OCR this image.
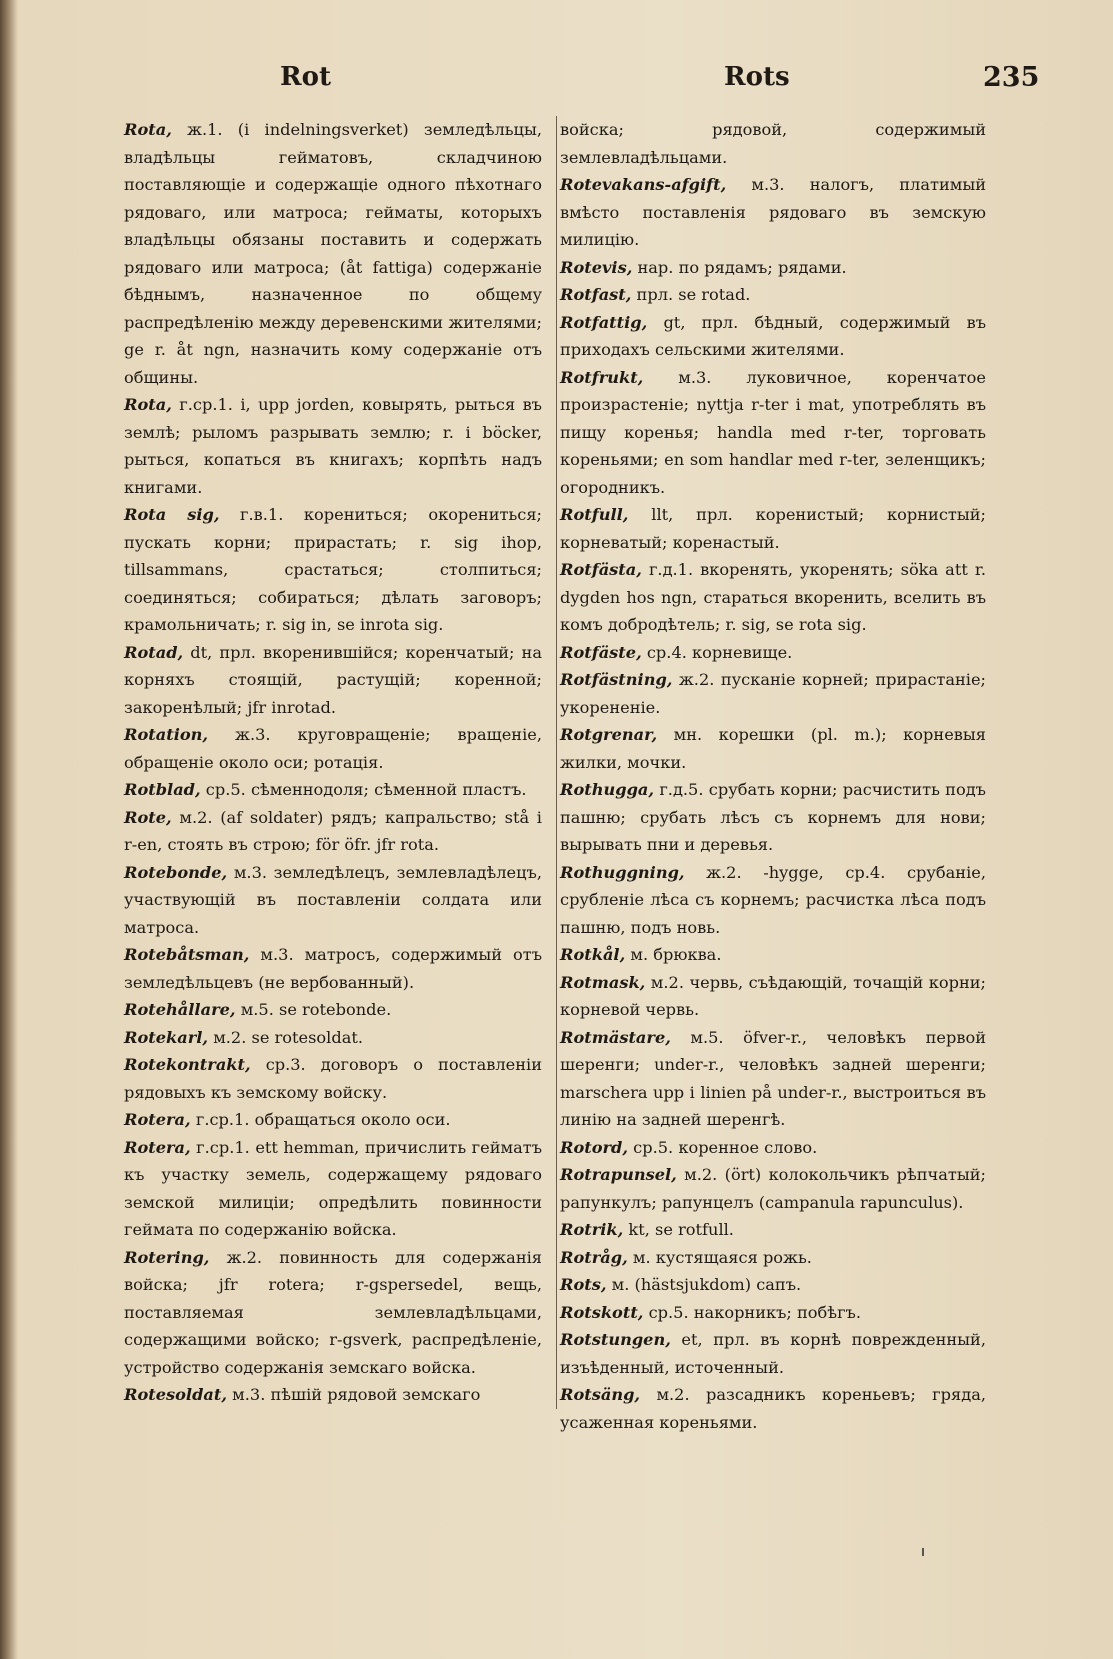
Rot	Rots	235

Rota, ж.1. (i indelningsverket) земледѣльцы, владѣльцы гейматовъ, складчиною поставляющіе и содержащіе одного пѣхотнаго рядоваго, или матроса; гейматы, которыхъ владѣльцы обязаны поставить и содержать рядоваго или матроса; (åt fattiga) содержаніе бѣднымъ, назначенное по общему распредѣленію между деревенскими жителями; ge r. åt ngn, назначить кому содержаніе отъ общины.

Rota, г.ср.1. i, upp jorden, ковырять, рыться въ землѣ; рыломъ разрывать землю; r. i böcker, рыться, копаться въ книгахъ; корпѣть надъ книгами.

Rota sig, г.в.1. корениться; окорениться; пускать корни; прирастать; r. sig ihop, tillsammans, срастаться; столпиться; соединяться; собираться; дѣлать заговоръ; крамольничать; r. sig in, se inrota sig.

Rotad, dt, прл. вкоренившійся; коренчатый; на корняхъ стоящій, растущій; коренной; закоренѣлый; jfr inrotad.

Rotation, ж.3. круговращеніе; вращеніе, обращеніе около оси; ротація.

Rotblad, ср.5. сѣменнодоля; сѣменной пластъ.

Rote, м.2. (af soldater) рядъ; капральство; stå i r-en, стоять въ строю; för öfr. jfr rota.

Rotebonde, м.3. земледѣлецъ, землевладѣлецъ, участвующій въ поставленіи солдата или матроса.

Rotebåtsman, м.3. матросъ, содержимый отъ земледѣльцевъ (не вербованный).

Rotehållare, м.5. se rotebonde.

Rotekarl, м.2. se rotesoldat.

Rotekontrakt, ср.3. договоръ о поставленіи рядовыхъ къ земскому войску.

Rotera, г.ср.1. обращаться около оси.

Rotera, г.ср.1. ett hemman, причислить гейматъ къ участку земель, содержащему рядоваго земской милиціи; опредѣлить повинности геймата по содержанію войска.

Rotering, ж.2. повинность для содержанія войска; jfr rotera; r-gspersedel, вещь, поставляемая землевладѣльцами, содержащими войско; r-gsverk, распредѣленіе, устройство содержанія земскаго войска.

Rotesoldat, м.3. пѣшій рядовой земскаго

войска; рядовой, содержимый землевладѣльцами.

Rotevakans-afgift, м.3. налогъ, платимый вмѣсто поставленія рядоваго въ земскую милицію.

Rotevis, нар. по рядамъ; рядами.

Rotfast, прл. se rotad.

Rotfattig, gt, прл. бѣдный, содержимый въ приходахъ сельскими жителями.

Rotfrukt, м.3. луковичное, коренчатое произрастеніе; nyttja r-ter i mat, употреблять въ пищу коренья; handla med r-ter, торговать кореньями; en som handlar med r-ter, зеленщикъ; огородникъ.

Rotfull, llt, прл. коренистый; корнистый; корневатый; коренастый.

Rotfästa, г.д.1. вкоренять, укоренять; söka att r. dygden hos ngn, стараться вкоренить, вселить въ комъ добродѣтель; r. sig, se rota sig.

Rotfäste, ср.4. корневище.

Rotfästning, ж.2. пусканіе корней; прирастаніе; укорененіе.

Rotgrenar, мн. корешки (pl. m.); корневыя жилки, мочки.

Rothugga, г.д.5. срубать корни; расчистить подъ пашню; срубать лѣсъ съ корнемъ для нови; вырывать пни и деревья.

Rothuggning, ж.2. -hygge, ср.4. срубаніе, срубленіе лѣса съ корнемъ; расчистка лѣса подъ пашню, подъ новь.

Rotkål, м. брюква.

Rotmask, м.2. червь, съѣдающій, точащій корни; корневой червь.

Rotmästare, м.5. öfver-r., человѣкъ первой шеренги; under-r., человѣкъ задней шеренги; marschera upp i linien på under-r., выстроиться въ линію на задней шеренгѣ.

Rotord, ср.5. коренное слово.

Rotrapunsel, м.2. (ört) колокольчикъ рѣпчатый; рапункулъ; рапунцелъ (campanula rapunculus).

Rotrik, kt, se rotfull.

Rotråg, м. кустящаяся рожь.

Rots, м. (hästsjukdom) сапъ.

Rotskott, ср.5. накорникъ; побѣгъ.

Rotstungen, et, прл. въ корнѣ поврежденный, изъѣденный, источенный.

Rotsäng, м.2. разсадникъ кореньевъ; гряда, усаженная кореньями.
